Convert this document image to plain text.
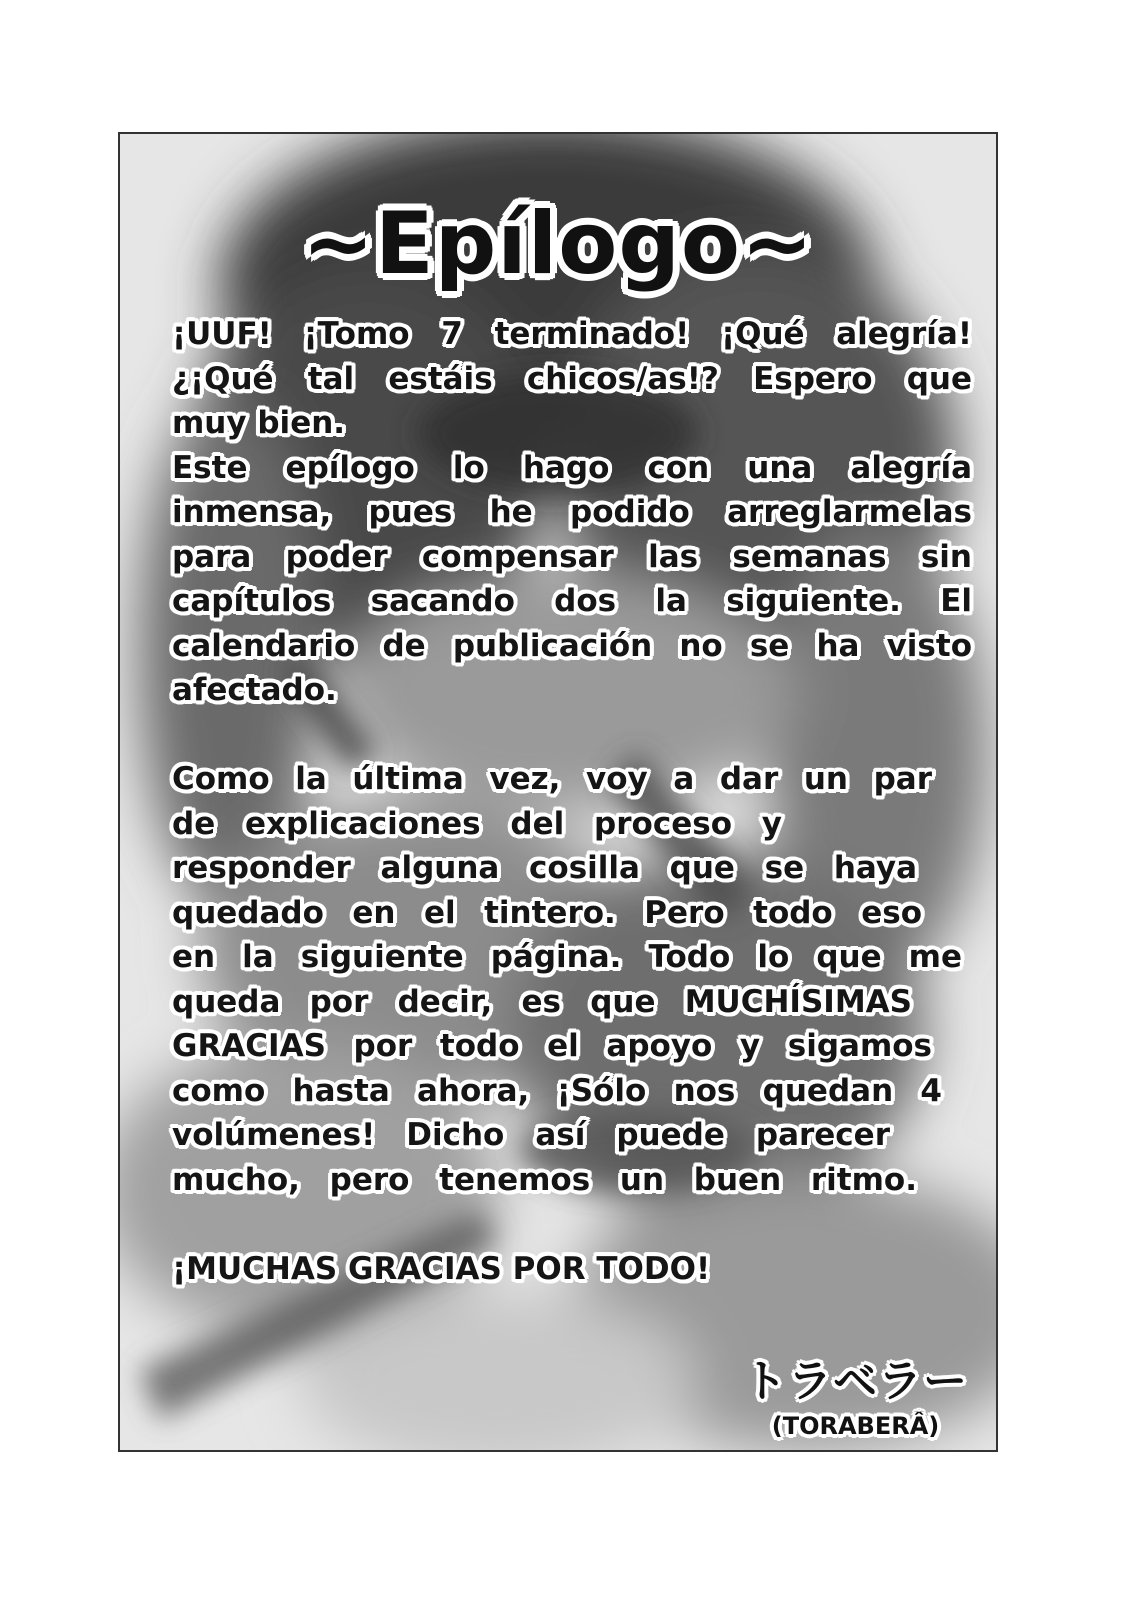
~Epílogo~
¡UUF! ¡Tomo 7 terminado! ¡Qué alegría!
¿¡Qué tal estáis chicos/as!? Espero que
muy bien.
Este epílogo lo hago con una alegría
inmensa, pues he podido arreglarmelas
para poder compensar las semanas sin
capítulos sacando dos la siguiente. El
calendario de publicación no se ha visto
afectado.
Como la última vez, voy a dar un par
de explicaciones del proceso y
responder alguna cosilla que se haya
quedado en el tintero. Pero todo eso
en la siguiente página. Todo lo que me
queda por decir, es que MUCHÍSIMAS
GRACIAS por todo el apoyo y sigamos
como hasta ahora, ¡Sólo nos quedan 4
volúmenes! Dicho así puede parecer
mucho, pero tenemos un buen ritmo.
¡MUCHAS GRACIAS POR TODO!
トラベラー
(TORABERÂ)
